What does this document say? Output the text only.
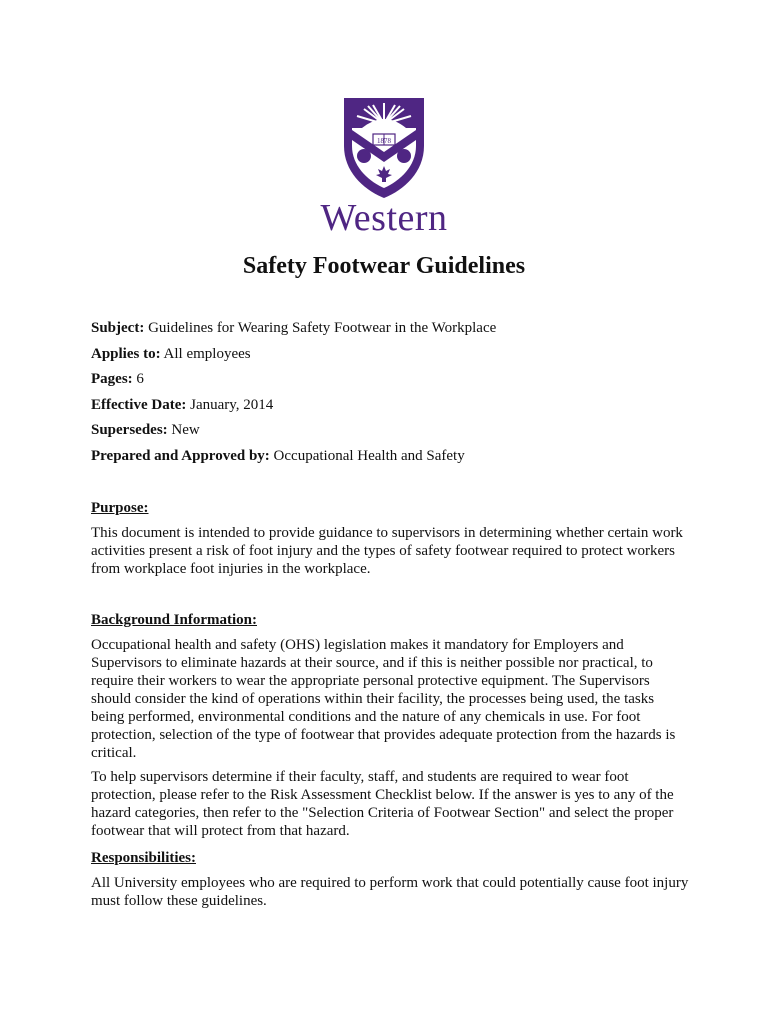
1878
Western
Safety Footwear Guidelines
Subject: Guidelines for Wearing Safety Footwear in the Workplace
Applies to: All employees
Pages: 6
Effective Date: January, 2014
Supersedes: New
Prepared and Approved by: Occupational Health and Safety
Purpose:
This document is intended to provide guidance to supervisors in determining whether certain work activities present a risk of foot injury and the types of safety footwear required to protect workers from workplace foot injuries in the workplace.
Background Information:
Occupational health and safety (OHS) legislation makes it mandatory for Employers and Supervisors to eliminate hazards at their source, and if this is neither possible nor practical, to require their workers to wear the appropriate personal protective equipment. The Supervisors should consider the kind of operations within their facility, the processes being used, the tasks being performed, environmental conditions and the nature of any chemicals in use. For foot protection, selection of the type of footwear that provides adequate protection from the hazards is critical.
To help supervisors determine if their faculty, staff, and students are required to wear foot protection, please refer to the Risk Assessment Checklist below. If the answer is yes to any of the hazard categories, then refer to the "Selection Criteria of Footwear Section" and select the proper footwear that will protect from that hazard.
Responsibilities:
All University employees who are required to perform work that could potentially cause foot injury must follow these guidelines.
